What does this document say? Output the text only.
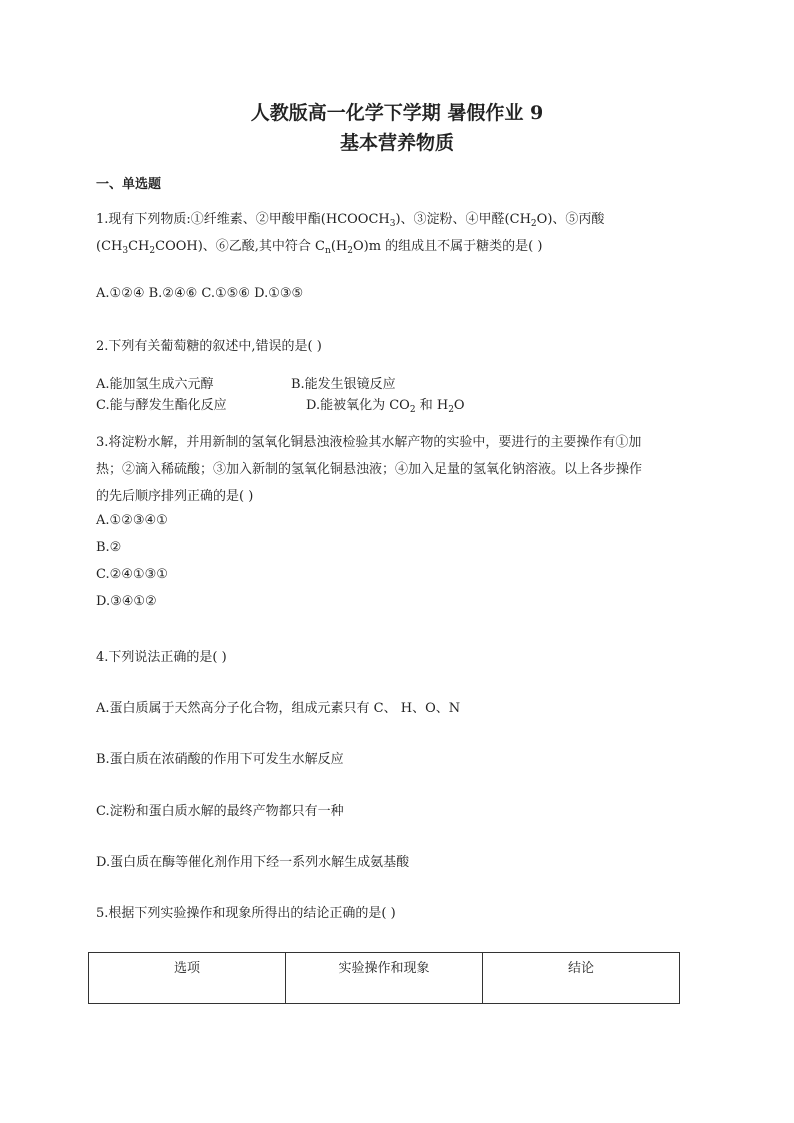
人教版高一化学下学期 暑假作业 9
基本营养物质
一、单选题
1.现有下列物质:①纤维素、②甲酸甲酯$(HCOOCH_3)$、③淀粉、④甲醛$(CH_2O)$、⑤丙酸
$(CH_3CH_2COOH)$、⑥乙酸,其中符合 $C_n(H_2O)m$ 的组成且不属于糖类的是( )
A.①②④ B.②④⑥ C.①⑤⑥ D.①③⑤
2.下列有关葡萄糖的叙述中,错误的是( )
A.能加氢生成六元醇	B.能发生银镜反应
C.能与酵发生酯化反应	D.能被氧化为 $CO_2$ 和 $H_2O$
3.将淀粉水解，并用新制的氢氧化铜悬浊液检验其水解产物的实验中，要进行的主要操作有①加
热；②滴入稀硫酸；③加入新制的氢氧化铜悬浊液；④加入足量的氢氧化钠溶液。以上各步操作
的先后顺序排列正确的是( )
A.①②③④①
B.②
C.②④①③①
D.③④①②
4.下列说法正确的是( )
A.蛋白质属于天然高分子化合物，组成元素只有 C、 H、O、N
B.蛋白质在浓硝酸的作用下可发生水解反应
C.淀粉和蛋白质水解的最终产物都只有一种
D.蛋白质在酶等催化剂作用下经一系列水解生成氨基酸
5.根据下列实验操作和现象所得出的结论正确的是( )
选项	实验操作和现象	结论
